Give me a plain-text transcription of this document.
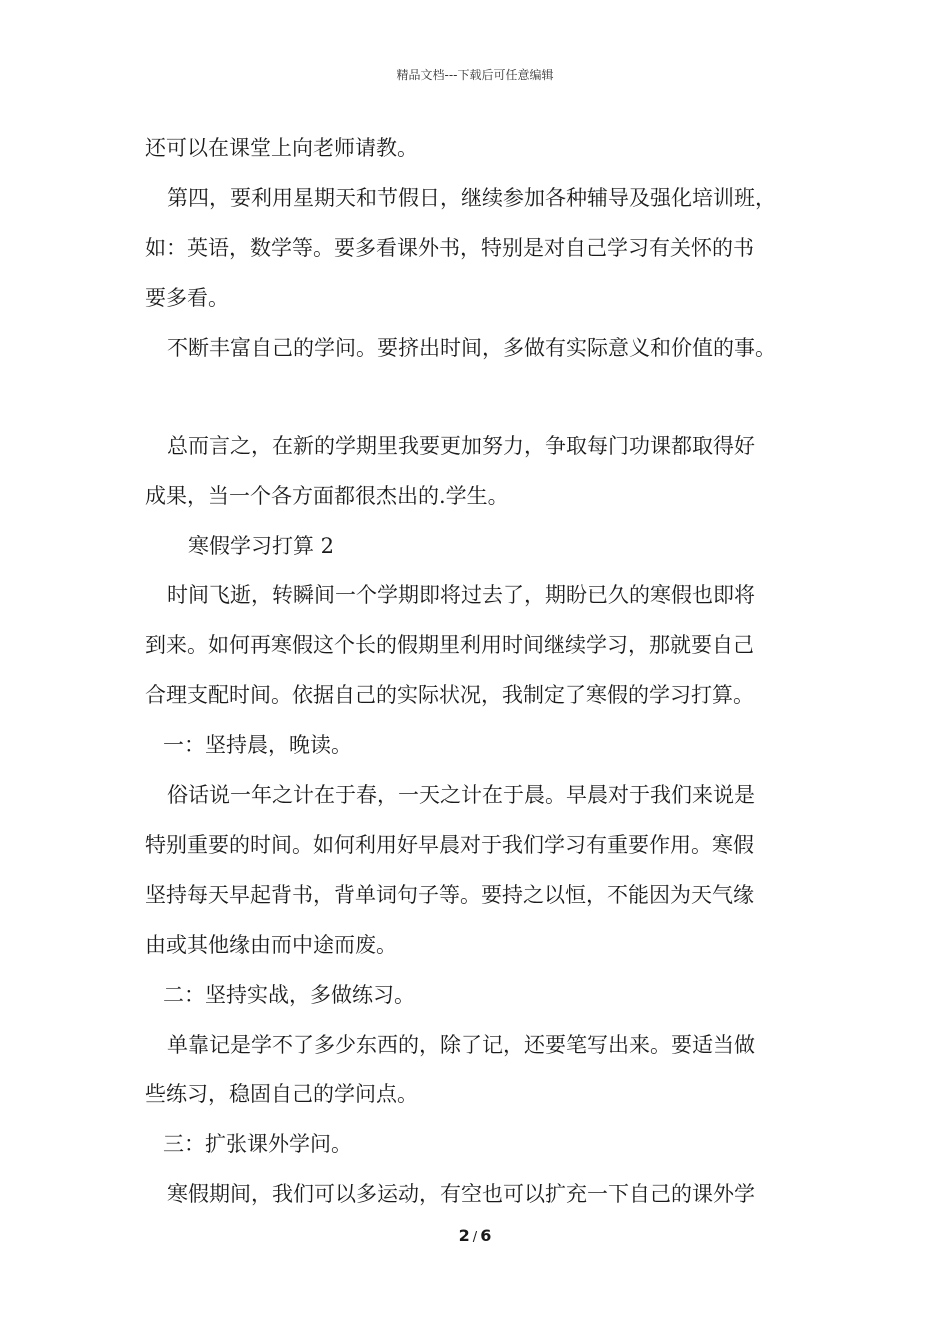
精品文档---下载后可任意编辑
还可以在课堂上向老师请教。
第四，要利用星期天和节假日，继续参加各种辅导及强化培训班，
如：英语，数学等。要多看课外书，特别是对自己学习有关怀的书
要多看。
不断丰富自己的学问。要挤出时间，多做有实际意义和价值的事。
总而言之，在新的学期里我要更加努力，争取每门功课都取得好
成果，当一个各方面都很杰出的.学生。
寒假学习打算 2
时间飞逝，转瞬间一个学期即将过去了，期盼已久的寒假也即将
到来。如何再寒假这个长的假期里利用时间继续学习，那就要自己
合理支配时间。依据自己的实际状况，我制定了寒假的学习打算。
一：坚持晨，晚读。
俗话说一年之计在于春，一天之计在于晨。早晨对于我们来说是
特别重要的时间。如何利用好早晨对于我们学习有重要作用。寒假
坚持每天早起背书，背单词句子等。要持之以恒，不能因为天气缘
由或其他缘由而中途而废。
二：坚持实战，多做练习。
单靠记是学不了多少东西的，除了记，还要笔写出来。要适当做
些练习，稳固自己的学问点。
三：扩张课外学问。
寒假期间，我们可以多运动，有空也可以扩充一下自己的课外学
2 / 6
